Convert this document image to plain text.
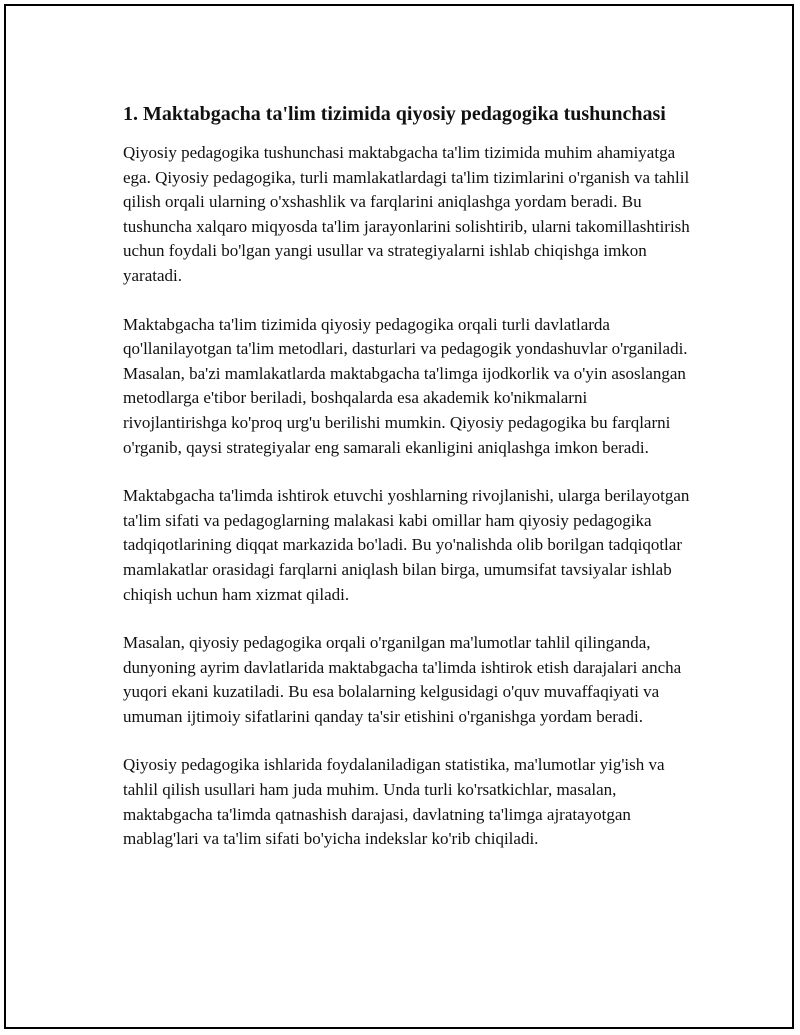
1. Maktabgacha ta'lim tizimida qiyosiy pedagogika tushunchasi

Qiyosiy pedagogika tushunchasi maktabgacha ta'lim tizimida muhim ahamiyatga ega. Qiyosiy pedagogika, turli mamlakatlardagi ta'lim tizimlarini o'rganish va tahlil qilish orqali ularning o'xshashlik va farqlarini aniqlashga yordam beradi. Bu tushuncha xalqaro miqyosda ta'lim jarayonlarini solishtirib, ularni takomillashtirish uchun foydali bo'lgan yangi usullar va strategiyalarni ishlab chiqishga imkon yaratadi.

Maktabgacha ta'lim tizimida qiyosiy pedagogika orqali turli davlatlarda qo'llanilayotgan ta'lim metodlari, dasturlari va pedagogik yondashuvlar o'rganiladi. Masalan, ba'zi mamlakatlarda maktabgacha ta'limga ijodkorlik va o'yin asoslangan metodlarga e'tibor beriladi, boshqalarda esa akademik ko'nikmalarni rivojlantirishga ko'proq urg'u berilishi mumkin. Qiyosiy pedagogika bu farqlarni o'rganib, qaysi strategiyalar eng samarali ekanligini aniqlashga imkon beradi.

Maktabgacha ta'limda ishtirok etuvchi yoshlarning rivojlanishi, ularga berilayotgan ta'lim sifati va pedagoglarning malakasi kabi omillar ham qiyosiy pedagogika tadqiqotlarining diqqat markazida bo'ladi. Bu yo'nalishda olib borilgan tadqiqotlar mamlakatlar orasidagi farqlarni aniqlash bilan birga, umumsifat tavsiyalar ishlab chiqish uchun ham xizmat qiladi.

Masalan, qiyosiy pedagogika orqali o'rganilgan ma'lumotlar tahlil qilinganda, dunyoning ayrim davlatlarida maktabgacha ta'limda ishtirok etish darajalari ancha yuqori ekani kuzatiladi. Bu esa bolalarning kelgusidagi o'quv muvaffaqiyati va umuman ijtimoiy sifatlarini qanday ta'sir etishini o'rganishga yordam beradi.

Qiyosiy pedagogika ishlarida foydalaniladigan statistika, ma'lumotlar yig'ish va tahlil qilish usullari ham juda muhim. Unda turli ko'rsatkichlar, masalan, maktabgacha ta'limda qatnashish darajasi, davlatning ta'limga ajratayotgan mablag'lari va ta'lim sifati bo'yicha indekslar ko'rib chiqiladi.
